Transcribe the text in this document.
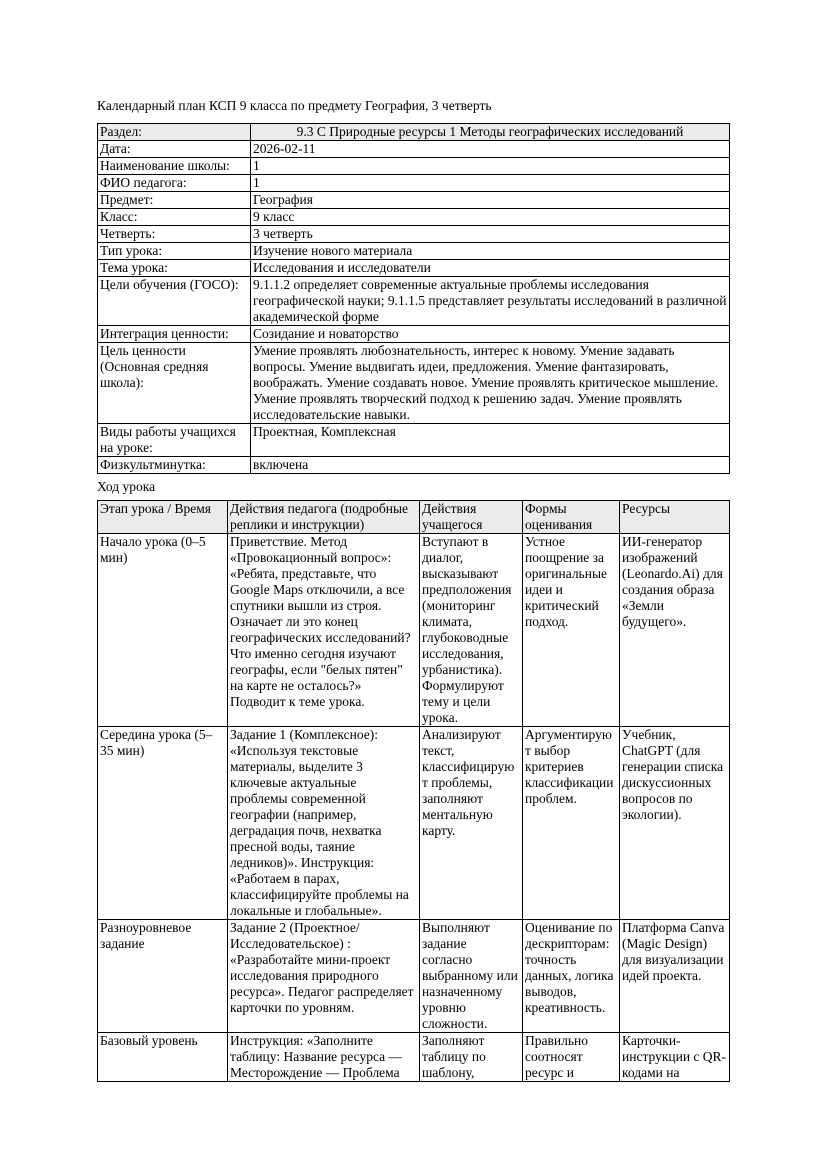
Календарный план КСП 9 класса по предмету География, 3 четверть

Раздел:	9.3 С Природные ресурсы 1 Методы географических исследований
Дата:	2026-02-11
Наименование школы:	1
ФИО педагога:	1
Предмет:	География
Класс:	9 класс
Четверть:	3 четверть
Тип урока:	Изучение нового материала
Тема урока:	Исследования и исследователи
Цели обучения (ГОСО):	9.1.1.2 определяет современные актуальные проблемы исследования географической науки; 9.1.1.5 представляет результаты исследований в различной академической форме
Интеграция ценности:	Созидание и новаторство
Цель ценности (Основная средняя школа):	Умение проявлять любознательность, интерес к новому. Умение задавать вопросы. Умение выдвигать идеи, предложения. Умение фантазировать, воображать. Умение создавать новое. Умение проявлять критическое мышление. Умение проявлять творческий подход к решению задач. Умение проявлять исследовательские навыки.
Виды работы учащихся на уроке:	Проектная, Комплексная
Физкультминутка:	включена

Ход урока

Этап урока / Время	Действия педагога (подробные реплики и инструкции)	Действия учащегося	Формы оценивания	Ресурсы
Начало урока (0–5 мин)	Приветствие. Метод «Провокационный вопрос»: «Ребята, представьте, что Google Maps отключили, а все спутники вышли из строя. Означает ли это конец географических исследований? Что именно сегодня изучают географы, если "белых пятен" на карте не осталось?» Подводит к теме урока.	Вступают в диалог, высказывают предположения (мониторинг климата, глубоководные исследования, урбанистика). Формулируют тему и цели урока.	Устное поощрение за оригинальные идеи и критический подход.	ИИ-генератор изображений (Leonardo.Ai) для создания образа «Земли будущего».
Середина урока (5–35 мин)	Задание 1 (Комплексное): «Используя текстовые материалы, выделите 3 ключевые актуальные проблемы современной географии (например, деградация почв, нехватка пресной воды, таяние ледников)». Инструкция: «Работаем в парах, классифицируйте проблемы на локальные и глобальные».	Анализируют текст, классифицируют проблемы, заполняют ментальную карту.	Аргументируют выбор критериев классификации проблем.	Учебник, ChatGPT (для генерации списка дискуссионных вопросов по экологии).
Разноуровневое задание	Задание 2 (Проектное/Исследовательское) : «Разработайте мини-проект исследования природного ресурса». Педагог распределяет карточки по уровням.	Выполняют задание согласно выбранному или назначенному уровню сложности.	Оценивание по дескрипторам: точность данных, логика выводов, креативность.	Платформа Canva (Magic Design) для визуализации идей проекта.
Базовый уровень	Инструкция: «Заполните таблицу: Название ресурса — Месторождение — Проблема	Заполняют таблицу по шаблону,	Правильно соотносят ресурс и	Карточки-инструкции с QR-кодами на
